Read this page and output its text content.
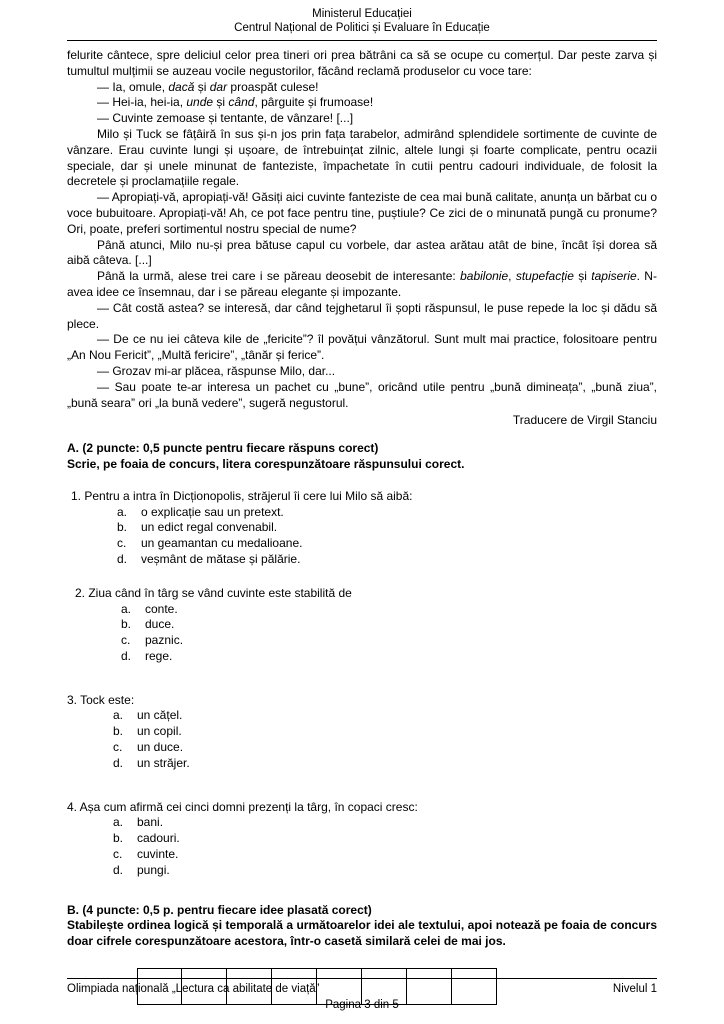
Ministerul Educației
Centrul Național de Politici și Evaluare în Educație

felurite cântece, spre deliciul celor prea tineri ori prea bătrâni ca să se ocupe cu comerțul. Dar peste zarva și tumultul mulțimii se auzeau vocile negustorilor, făcând reclamă produselor cu voce tare:

— Ia, omule, dacă și dar proaspăt culese!

— Hei-ia, hei-ia, unde și când, pârguite și frumoase!

— Cuvinte zemoase și tentante, de vânzare! [...]

Milo și Tuck se fâțâiră în sus și-n jos prin fața tarabelor, admirând splendidele sortimente de cuvinte de vânzare. Erau cuvinte lungi și ușoare, de întrebuințat zilnic, altele lungi și foarte complicate, pentru ocazii speciale, dar și unele minunat de fanteziste, împachetate în cutii pentru cadouri individuale, de folosit la decretele și proclamațiile regale.

— Apropiați-vă, apropiați-vă! Găsiți aici cuvinte fanteziste de cea mai bună calitate, anunța un bărbat cu o voce bubuitoare. Apropiați-vă! Ah, ce pot face pentru tine, puștiule? Ce zici de o minunată pungă cu pronume? Ori, poate, preferi sortimentul nostru special de nume?

Până atunci, Milo nu-și prea bătuse capul cu vorbele, dar astea arătau atât de bine, încât își dorea să aibă câteva. [...]

Până la urmă, alese trei care i se păreau deosebit de interesante: babilonie, stupefacție și tapiserie. N-avea idee ce însemnau, dar i se păreau elegante și impozante.

— Cât costă astea? se interesă, dar când tejghetarul îi șopti răspunsul, le puse repede la loc și dădu să plece.

— De ce nu iei câteva kile de „fericite”? îl povățui vânzătorul. Sunt mult mai practice, folositoare pentru „An Nou Fericit”, „Multă fericire”, „tânăr și ferice”.

— Grozav mi-ar plăcea, răspunse Milo, dar...

— Sau poate te-ar interesa un pachet cu „bune”, oricând utile pentru „bună dimineața”, „bună ziua”, „bună seara” ori „la bună vedere”, sugeră negustorul.

Traducere de Virgil Stanciu
A. (2 puncte: 0,5 puncte pentru fiecare răspuns corect)
Scrie, pe foaia de concurs, litera corespunzătoare răspunsului corect.
1. Pentru a intra în Dicționopolis, străjerul îi cere lui Milo să aibă:
a.	o explicație sau un pretext.
b.	un edict regal convenabil.
c.	un geamantan cu medalioane.
d.	veșmânt de mătase și pălărie.
2. Ziua când în târg se vând cuvinte este stabilită de
a.	conte.
b.	duce.
c.	paznic.
d.	rege.
3. Tock este:
a.	un cățel.
b.	un copil.
c.	un duce.
d.	un străjer.
4. Așa cum afirmă cei cinci domni prezenți la târg, în copaci cresc:
a.	bani.
b.	cadouri.
c.	cuvinte.
d.	pungi.
B. (4 puncte: 0,5 p. pentru fiecare idee plasată corect)
Stabilește ordinea logică și temporală a următoarelor idei ale textului, apoi notează pe foaia de concurs doar cifrele corespunzătoare acestora, într-o casetă similară celei de mai jos.
Olimpiada națională „Lectura ca abilitate de viață”	Nivelul 1
Pagina 3 din 5
